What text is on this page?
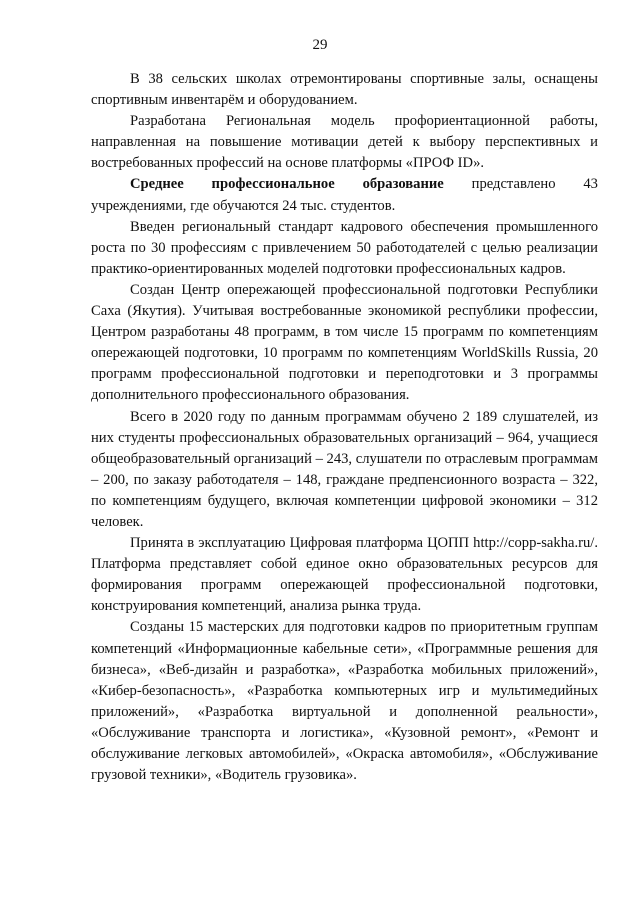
29

В 38 сельских школах отремонтированы спортивные залы, оснащены спортивным инвентарём и оборудованием.

Разработана Региональная модель профориентационной работы, направленная на повышение мотивации детей к выбору перспективных и востребованных профессий на основе платформы «ПРОФ ID».

Среднее профессиональное образование представлено 43 учреждениями, где обучаются 24 тыс. студентов.

Введен региональный стандарт кадрового обеспечения промышленного роста по 30 профессиям с привлечением 50 работодателей с целью реализации практико-ориентированных моделей подготовки профессиональных кадров.

Создан Центр опережающей профессиональной подготовки Республики Саха (Якутия). Учитывая востребованные экономикой республики профессии, Центром разработаны 48 программ, в том числе 15 программ по компетенциям опережающей подготовки, 10 программ по компетенциям WorldSkills Russia, 20 программ профессиональной подготовки и переподготовки и 3 программы дополнительного профессионального образования.

Всего в 2020 году по данным программам обучено 2 189 слушателей, из них студенты профессиональных образовательных организаций – 964, учащиеся общеобразовательный организаций – 243, слушатели по отраслевым программам – 200, по заказу работодателя – 148, граждане предпенсионного возраста – 322, по компетенциям будущего, включая компетенции цифровой экономики – 312 человек.

Принята в эксплуатацию Цифровая платформа ЦОПП http://copp-sakha.ru/. Платформа представляет собой единое окно образовательных ресурсов для формирования программ опережающей профессиональной подготовки, конструирования компетенций, анализа рынка труда.

Созданы 15 мастерских для подготовки кадров по приоритетным группам компетенций «Информационные кабельные сети», «Программные решения для бизнеса», «Веб-дизайн и разработка», «Разработка мобильных приложений», «Кибер-безопасность», «Разработка компьютерных игр и мультимедийных приложений», «Разработка виртуальной и дополненной реальности», «Обслуживание транспорта и логистика», «Кузовной ремонт», «Ремонт и обслуживание легковых автомобилей», «Окраска автомобиля», «Обслуживание грузовой техники», «Водитель грузовика».
